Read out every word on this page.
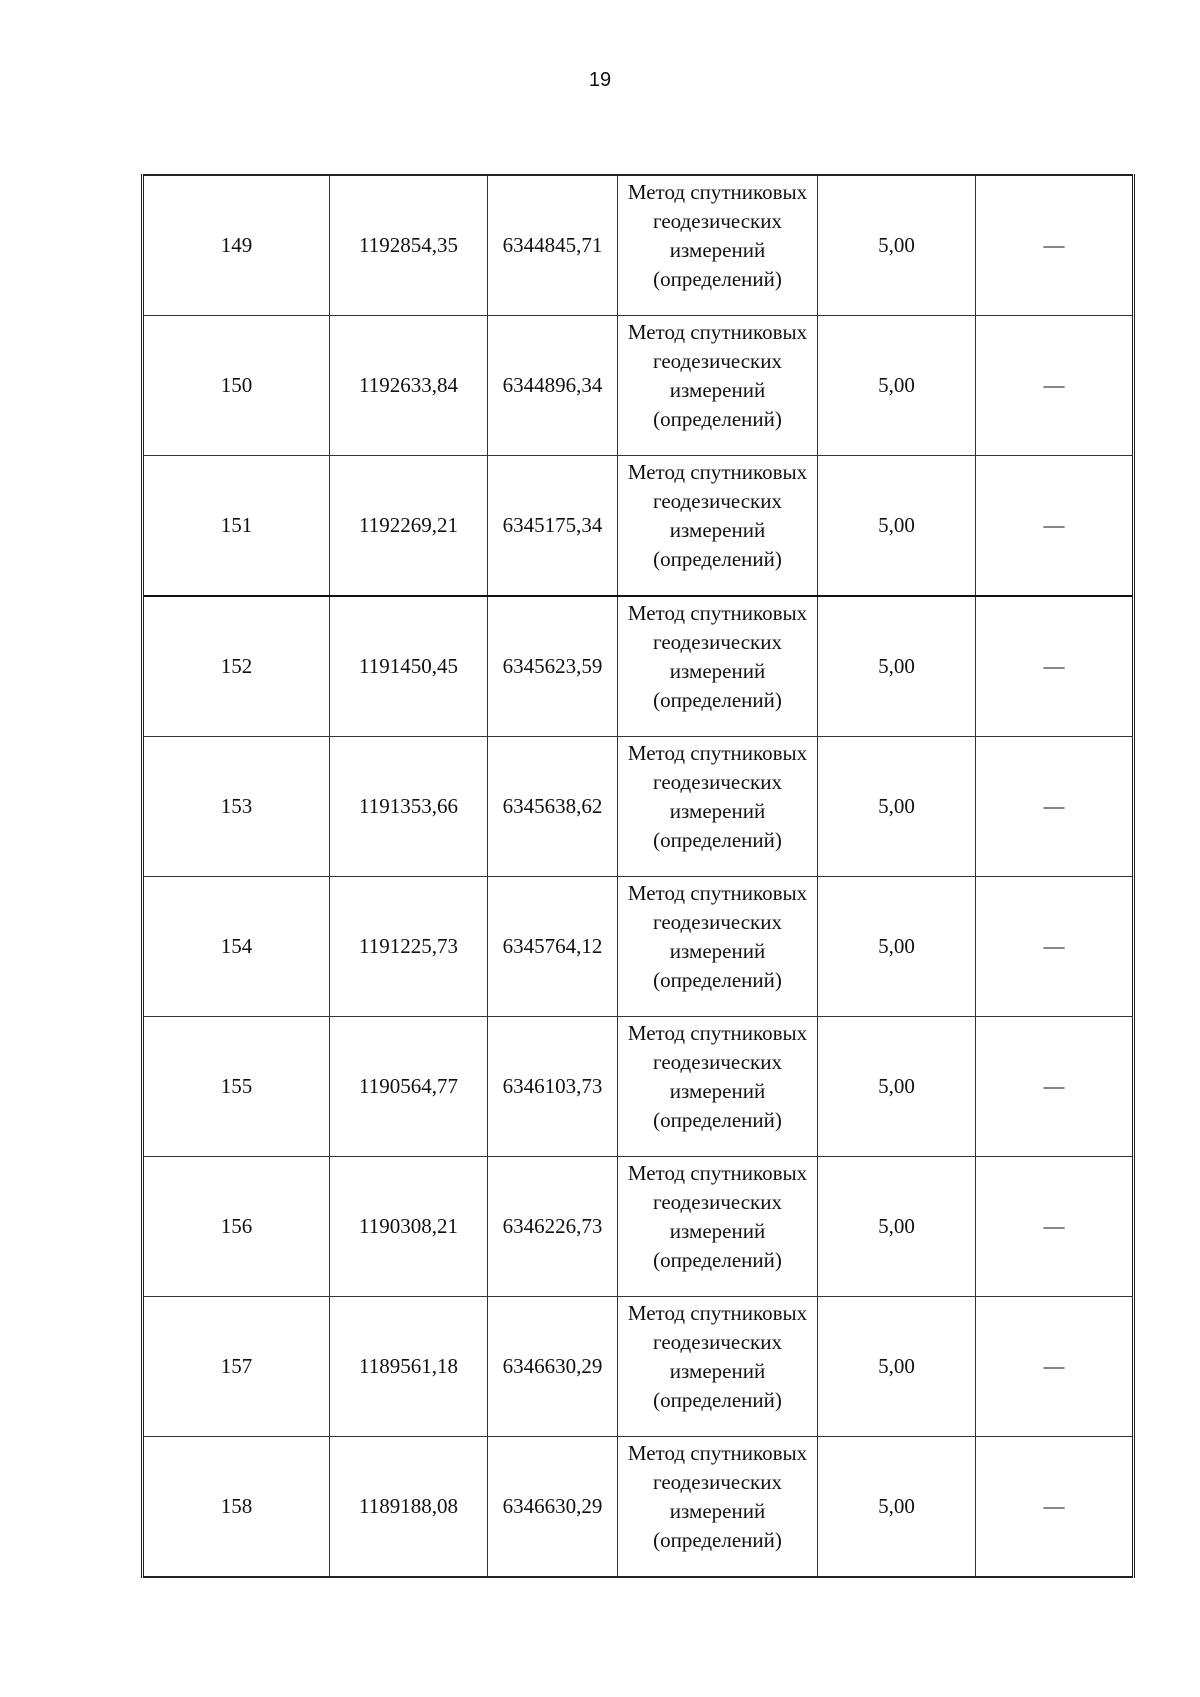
19
149	1192854,35	6344845,71	Метод спутниковых
геодезических
измерений
(определений)	5,00	—
150	1192633,84	6344896,34	Метод спутниковых
геодезических
измерений
(определений)	5,00	—
151	1192269,21	6345175,34	Метод спутниковых
геодезических
измерений
(определений)	5,00	—
152	1191450,45	6345623,59	Метод спутниковых
геодезических
измерений
(определений)	5,00	—
153	1191353,66	6345638,62	Метод спутниковых
геодезических
измерений
(определений)	5,00	—
154	1191225,73	6345764,12	Метод спутниковых
геодезических
измерений
(определений)	5,00	—
155	1190564,77	6346103,73	Метод спутниковых
геодезических
измерений
(определений)	5,00	—
156	1190308,21	6346226,73	Метод спутниковых
геодезических
измерений
(определений)	5,00	—
157	1189561,18	6346630,29	Метод спутниковых
геодезических
измерений
(определений)	5,00	—
158	1189188,08	6346630,29	Метод спутниковых
геодезических
измерений
(определений)	5,00	—
